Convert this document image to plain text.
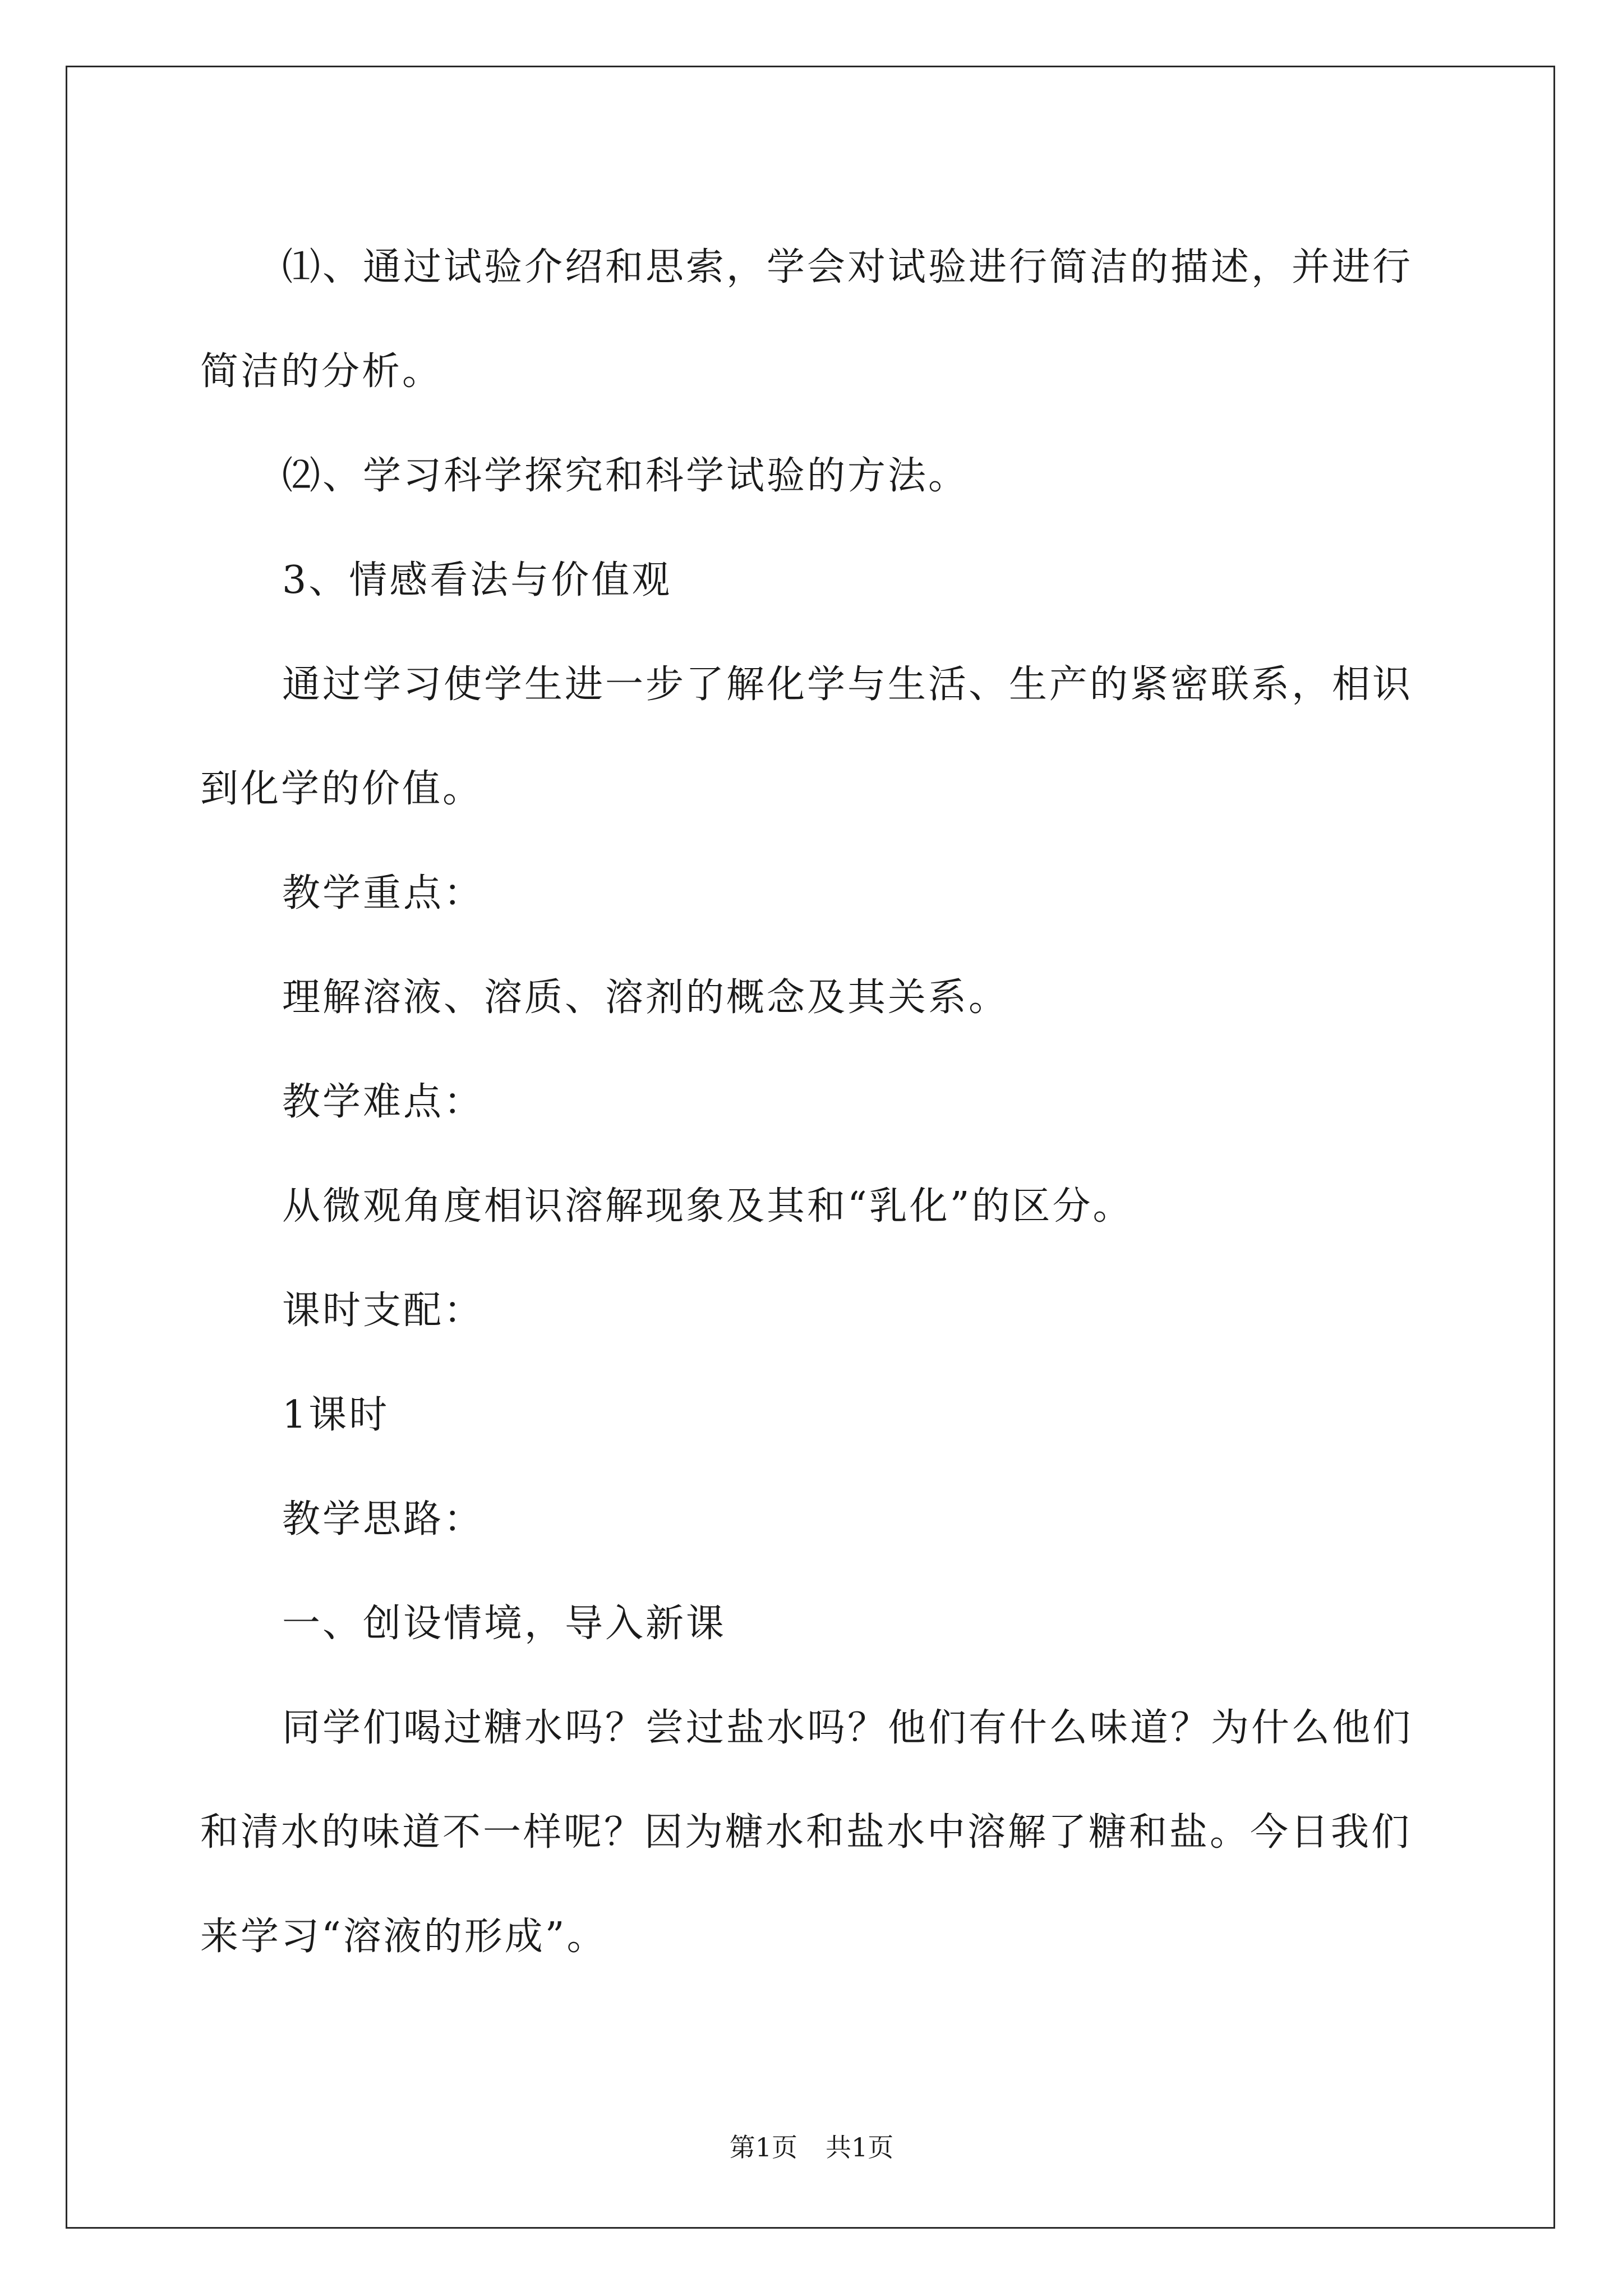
⑴、通过试验介绍和思索，学会对试验进行简洁的描述，并进行

简洁的分析。

⑵、学习科学探究和科学试验的方法。

3、情感看法与价值观

通过学习使学生进一步了解化学与生活、生产的紧密联系，相识

到化学的价值。

教学重点：

理解溶液、溶质、溶剂的概念及其关系。

教学难点：

从微观角度相识溶解现象及其和“乳化”的区分。

课时支配：

1课时

教学思路：

一、创设情境，导入新课

同学们喝过糖水吗？尝过盐水吗？他们有什么味道？为什么他们

和清水的味道不一样呢？因为糖水和盐水中溶解了糖和盐。今日我们

来学习“溶液的形成”。

第1页 共1页
